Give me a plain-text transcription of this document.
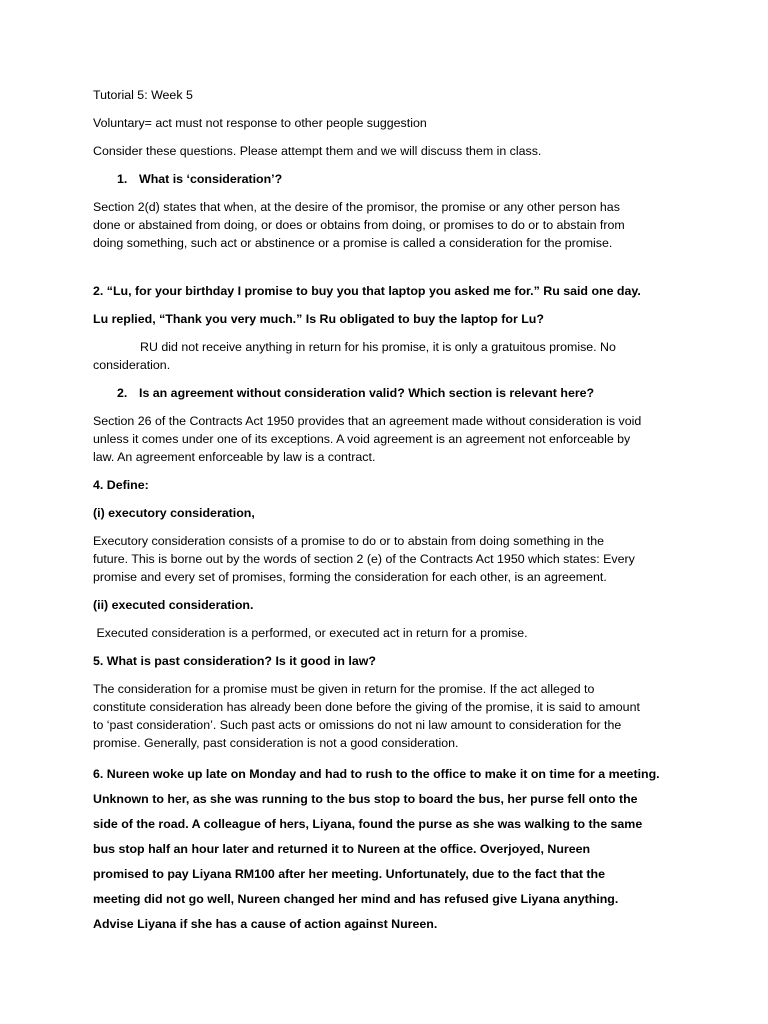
Tutorial 5: Week 5

Voluntary= act must not response to other people suggestion

Consider these questions. Please attempt them and we will discuss them in class.

1. What is ‘consideration’?

Section 2(d) states that when, at the desire of the promisor, the promise or any other person has

done or abstained from doing, or does or obtains from doing, or promises to do or to abstain from

doing something, such act or abstinence or a promise is called a consideration for the promise.

2. “Lu, for your birthday I promise to buy you that laptop you asked me for.” Ru said one day.

Lu replied, “Thank you very much.” Is Ru obligated to buy the laptop for Lu?

RU did not receive anything in return for his promise, it is only a gratuitous promise. No

consideration.

2. Is an agreement without consideration valid? Which section is relevant here?

Section 26 of the Contracts Act 1950 provides that an agreement made without consideration is void

unless it comes under one of its exceptions. A void agreement is an agreement not enforceable by

law. An agreement enforceable by law is a contract.

4. Define:

(i) executory consideration,

Executory consideration consists of a promise to do or to abstain from doing something in the

future. This is borne out by the words of section 2 (e) of the Contracts Act 1950 which states: Every

promise and every set of promises, forming the consideration for each other, is an agreement.

(ii) executed consideration.

Executed consideration is a performed, or executed act in return for a promise.

5. What is past consideration? Is it good in law?

The consideration for a promise must be given in return for the promise. If the act alleged to

constitute consideration has already been done before the giving of the promise, it is said to amount

to ‘past consideration’. Such past acts or omissions do not ni law amount to consideration for the

promise. Generally, past consideration is not a good consideration.

6. Nureen woke up late on Monday and had to rush to the office to make it on time for a meeting.

Unknown to her, as she was running to the bus stop to board the bus, her purse fell onto the

side of the road. A colleague of hers, Liyana, found the purse as she was walking to the same

bus stop half an hour later and returned it to Nureen at the office. Overjoyed, Nureen

promised to pay Liyana RM100 after her meeting. Unfortunately, due to the fact that the

meeting did not go well, Nureen changed her mind and has refused give Liyana anything.

Advise Liyana if she has a cause of action against Nureen.
